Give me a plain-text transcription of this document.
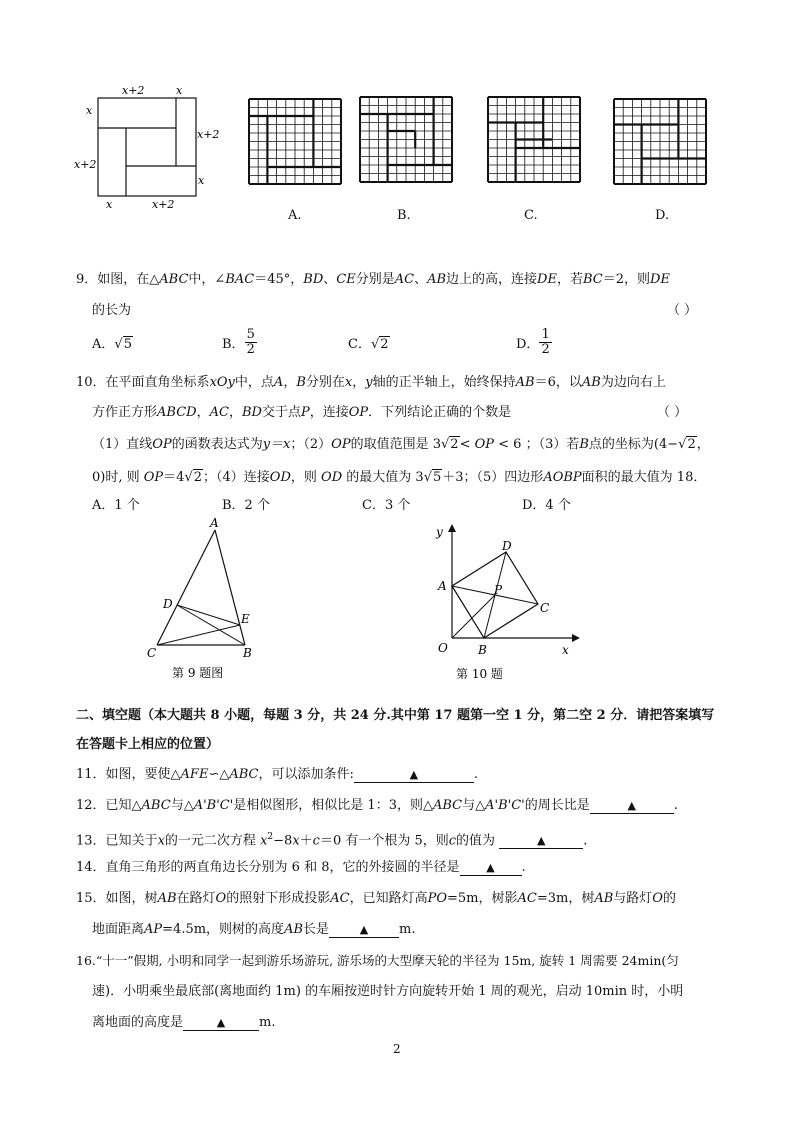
x+2	x
x
x+2
x+2
x
x	x+2
A.	B.	C.	D.
9．如图，在△ABC中，∠BAC＝45°，BD、CE分别是AC、AB边上的高，连接DE，若BC＝2，则DE
的长为	（ ）
A．√5	B． $\frac{5}{2}$	C．√2	D． $\frac{1}{2}$
10．在平面直角坐标系xOy中，点A，B分别在x，y轴的正半轴上，始终保持AB＝6，以AB为边向右上
方作正方形ABCD，AC，BD交于点P，连接OP．下列结论正确的个数是	（ ）
（1）直线OP的函数表达式为y＝x；（2）OP的取值范围是 3√2< OP < 6 ；（3）若B点的坐标为(4−√2，
0)时, 则 OP＝4√2；（4）连接OD，则 OD 的最大值为 3√5＋3；（5）四边形AOBP面积的最大值为 18．
A．1 个	B．2 个	C．3 个	D．4 个
A
D
E
C	B
第 9 题图
y
D
A	P
C
O	B	x
第 10 题
二、填空题（本大题共 8 小题，每题 3 分，共 24 分.其中第 17 题第一空 1 分，第二空 2 分．请把答案填写
在答题卡上相应的位置）
11．如图，要使△AFE∽△ABC，可以添加条件:	▲	.
12．已知△ABC与△A'B'C'是相似图形，相似比是 1：3，则△ABC与△A'B'C'的周长比是	▲	.
13．已知关于x的一元二次方程 $x^2-8x+c=0$ 有一个根为 5，则c的值为	▲	.
14．直角三角形的两直角边长分别为 6 和 8，它的外接圆的半径是 ▲ .
15．如图，树AB在路灯O的照射下形成投影AC，已知路灯高PO=5m，树影AC=3m，树AB与路灯O的
地面距离AP=4.5m，则树的高度AB长是	▲ m.
16.“十一”假期, 小明和同学一起到游乐场游玩, 游乐场的大型摩天轮的半径为 15m, 旋转 1 周需要 24min(匀
速)．小明乘坐最底部(离地面约 1m) 的车厢按逆时针方向旋转开始 1 周的观光，启动 10min 时，小明
离地面的高度是	▲	m.
2
